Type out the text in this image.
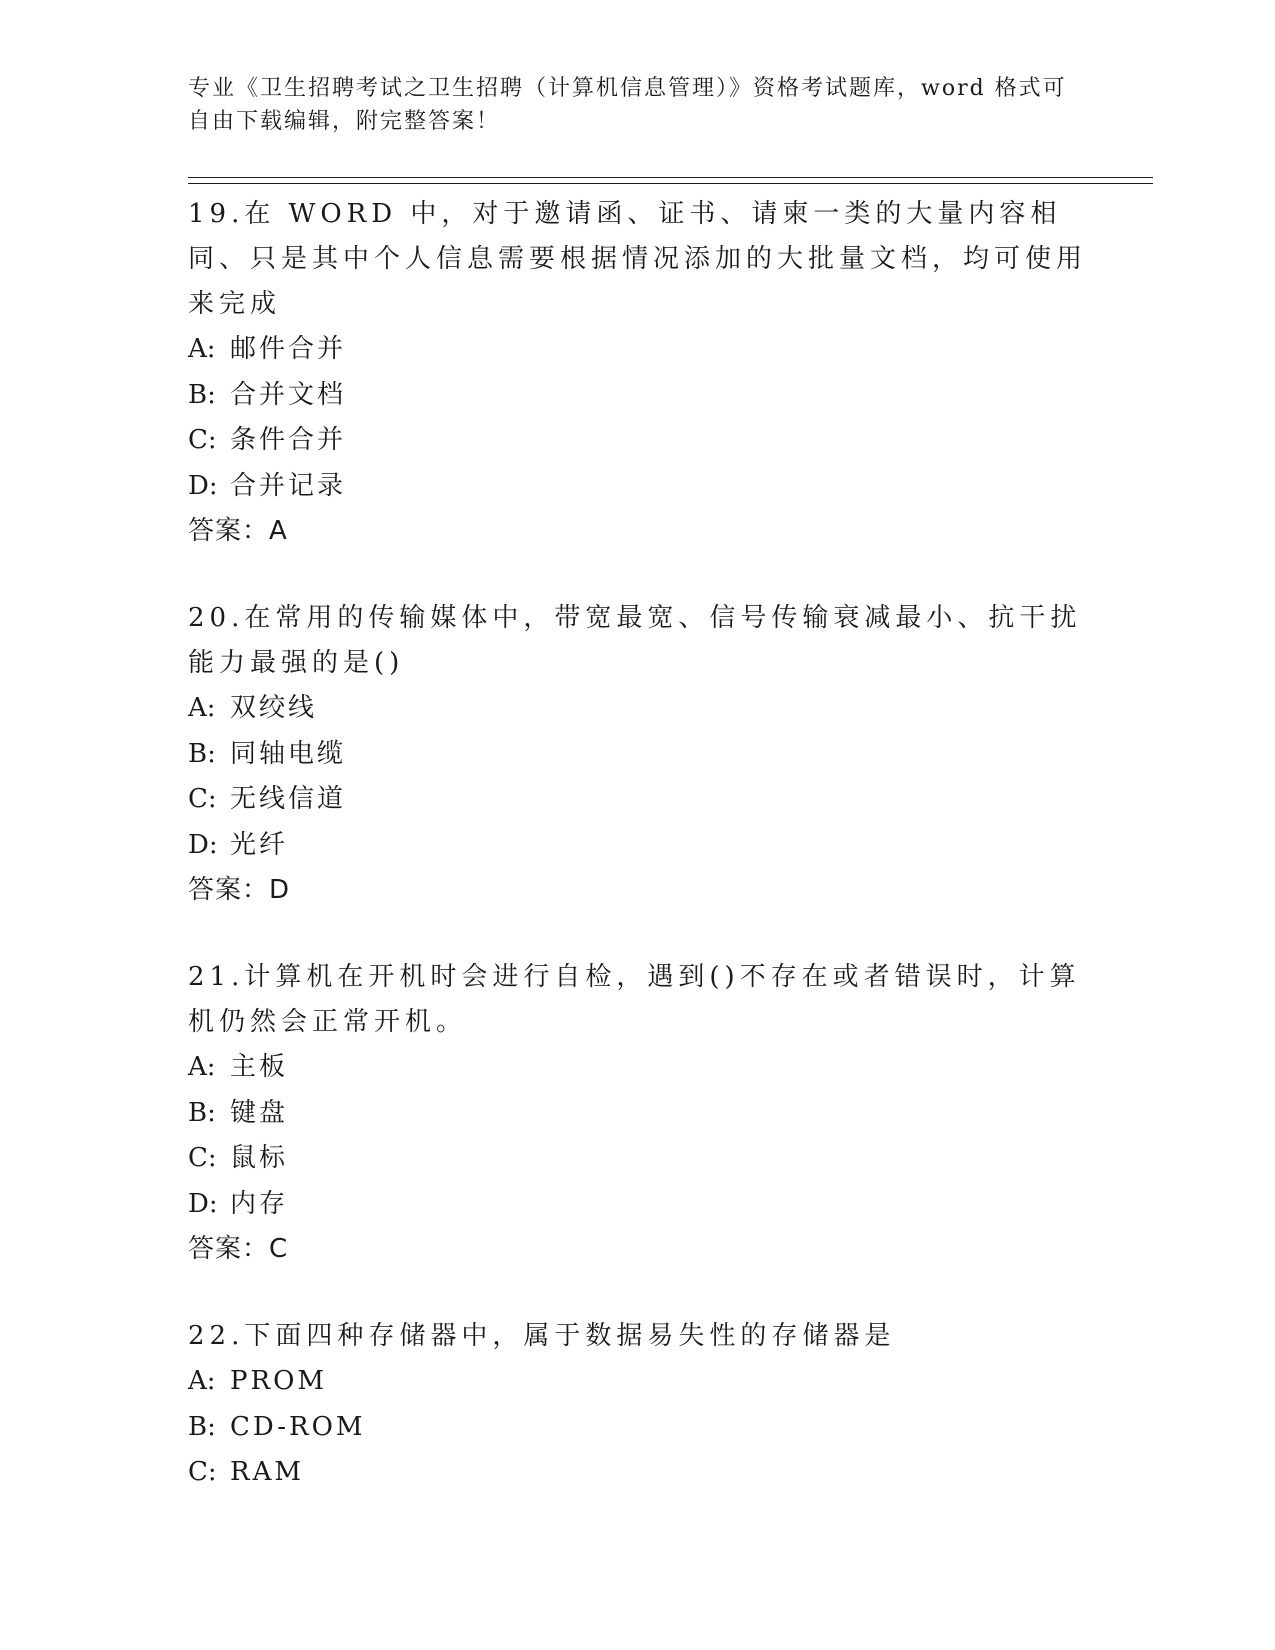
专业《卫生招聘考试之卫生招聘（计算机信息管理）》资格考试题库，word 格式可自由下载编辑，附完整答案！
19.在 WORD 中，对于邀请函、证书、请柬一类的大量内容相同、只是其中个人信息需要根据情况添加的大批量文档，均可使用来完成
A: 邮件合并
B: 合并文档
C: 条件合并
D: 合并记录
答案： A
20.在常用的传输媒体中，带宽最宽、信号传输衰减最小、抗干扰能力最强的是()
A: 双绞线
B: 同轴电缆
C: 无线信道
D: 光纤
答案： D
21.计算机在开机时会进行自检，遇到()不存在或者错误时，计算机仍然会正常开机。
A: 主板
B: 键盘
C: 鼠标
D: 内存
答案： C
22.下面四种存储器中，属于数据易失性的存储器是
A: PROM
B: CD-ROM
C: RAM
